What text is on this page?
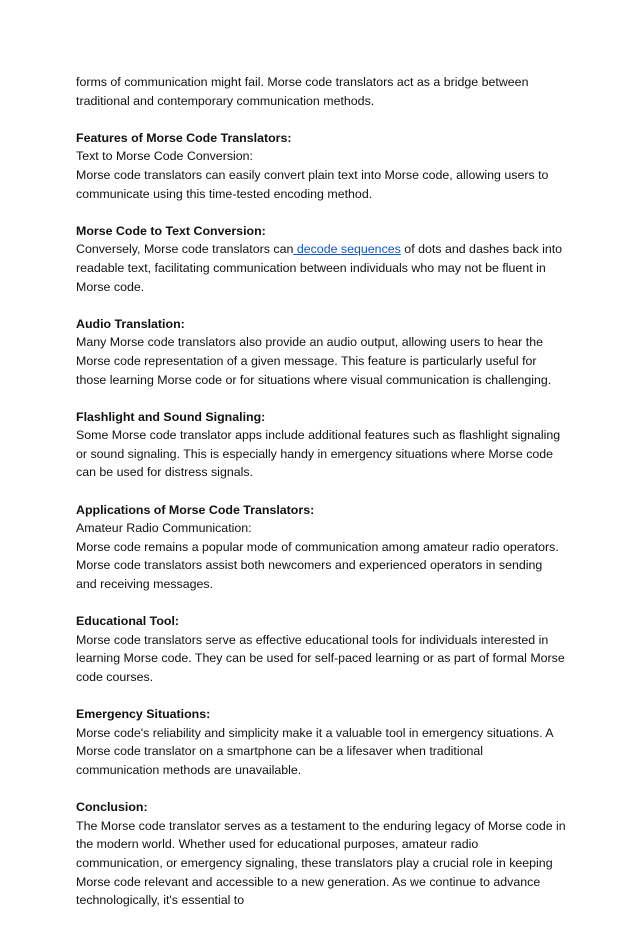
forms of communication might fail. Morse code translators act as a bridge between traditional and contemporary communication methods.

Features of Morse Code Translators:
Text to Morse Code Conversion:
Morse code translators can easily convert plain text into Morse code, allowing users to communicate using this time-tested encoding method.

Morse Code to Text Conversion:
Conversely, Morse code translators can decode sequences of dots and dashes back into readable text, facilitating communication between individuals who may not be fluent in Morse code.

Audio Translation:
Many Morse code translators also provide an audio output, allowing users to hear the Morse code representation of a given message. This feature is particularly useful for those learning Morse code or for situations where visual communication is challenging.

Flashlight and Sound Signaling:
Some Morse code translator apps include additional features such as flashlight signaling or sound signaling. This is especially handy in emergency situations where Morse code can be used for distress signals.

Applications of Morse Code Translators:
Amateur Radio Communication:
Morse code remains a popular mode of communication among amateur radio operators. Morse code translators assist both newcomers and experienced operators in sending and receiving messages.

Educational Tool:
Morse code translators serve as effective educational tools for individuals interested in learning Morse code. They can be used for self-paced learning or as part of formal Morse code courses.

Emergency Situations:
Morse code's reliability and simplicity make it a valuable tool in emergency situations. A Morse code translator on a smartphone can be a lifesaver when traditional communication methods are unavailable.

Conclusion:
The Morse code translator serves as a testament to the enduring legacy of Morse code in the modern world. Whether used for educational purposes, amateur radio communication, or emergency signaling, these translators play a crucial role in keeping Morse code relevant and accessible to a new generation. As we continue to advance technologically, it's essential to
